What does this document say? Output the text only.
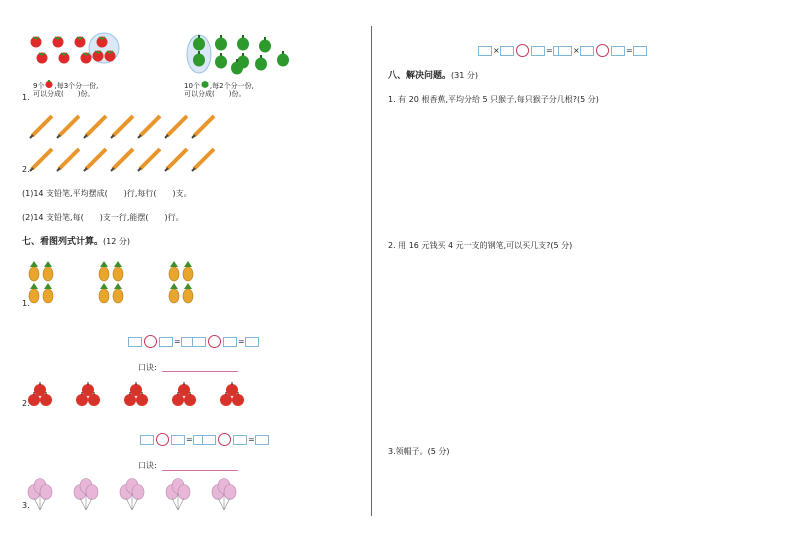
9个 ,每3个分一份,
可以分成(　　)份。
1.
10个 ,每2个分一份,
可以分成(　　)份。
2.
(1)14 支铅笔,平均摆成(　　)行,每行(　　)支。
(2)14 支铅笔,每(　　)支一行,能摆(　　)行。
七、看图列式计算。(12 分)
1.
=	=
口诀:
2.
=	=
口诀:
3.
×	=	×	=
八、解决问题。(31 分)
1. 有 20 根香蕉,平均分给 5 只猴子,每只猴子分几根?(5 分)
2. 用 16 元钱买 4 元一支的钢笔,可以买几支?(5 分)
3.领帽子。(5 分)
